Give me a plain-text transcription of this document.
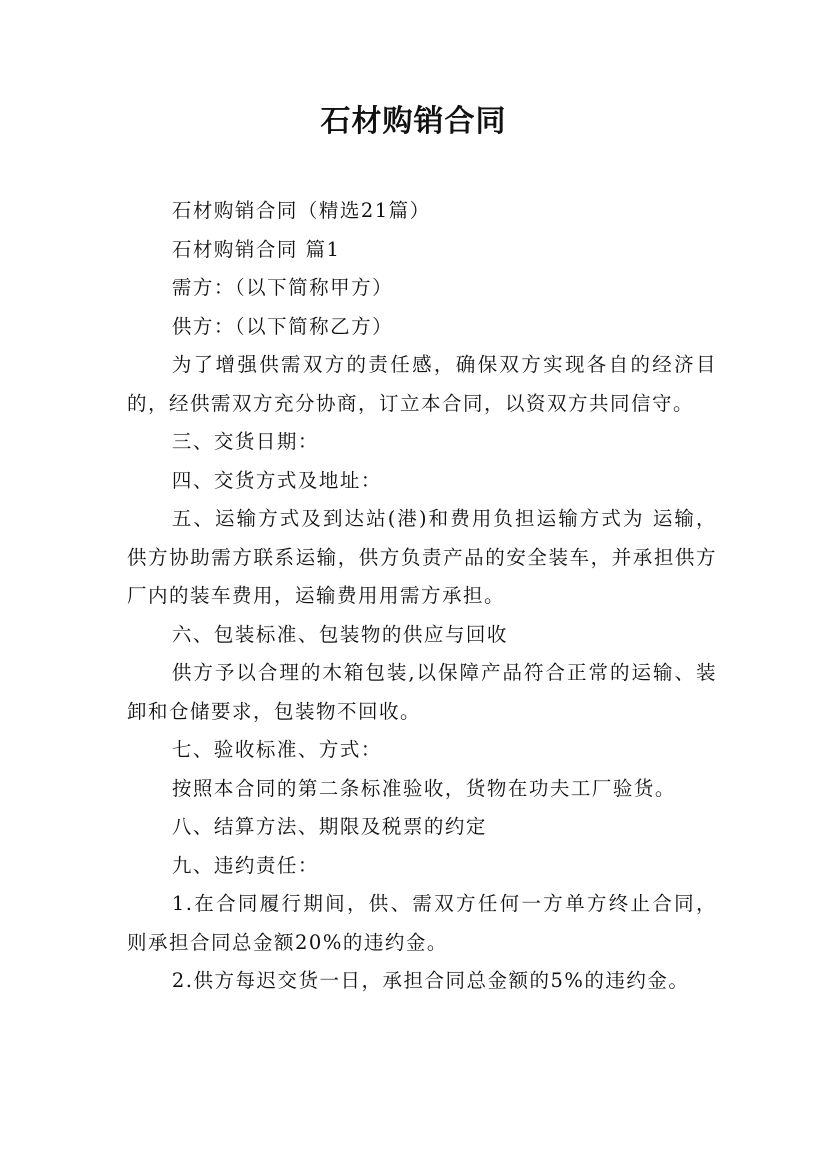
石材购销合同

石材购销合同（精选21篇）

石材购销合同 篇1

需方：（以下简称甲方）

供方：（以下简称乙方）

为了增强供需双方的责任感，确保双方实现各自的经济目的，经供需双方充分协商，订立本合同，以资双方共同信守。

三、交货日期：

四、交货方式及地址：

五、运输方式及到达站(港)和费用负担运输方式为 运输，供方协助需方联系运输，供方负责产品的安全装车，并承担供方厂内的装车费用，运输费用用需方承担。

六、包装标准、包装物的供应与回收

供方予以合理的木箱包装,以保障产品符合正常的运输、装卸和仓储要求，包装物不回收。

七、验收标准、方式：

按照本合同的第二条标准验收，货物在功夫工厂验货。

八、结算方法、期限及税票的约定

九、违约责任：

1.在合同履行期间，供、需双方任何一方单方终止合同，则承担合同总金额20%的违约金。

2.供方每迟交货一日，承担合同总金额的5%的违约金。
